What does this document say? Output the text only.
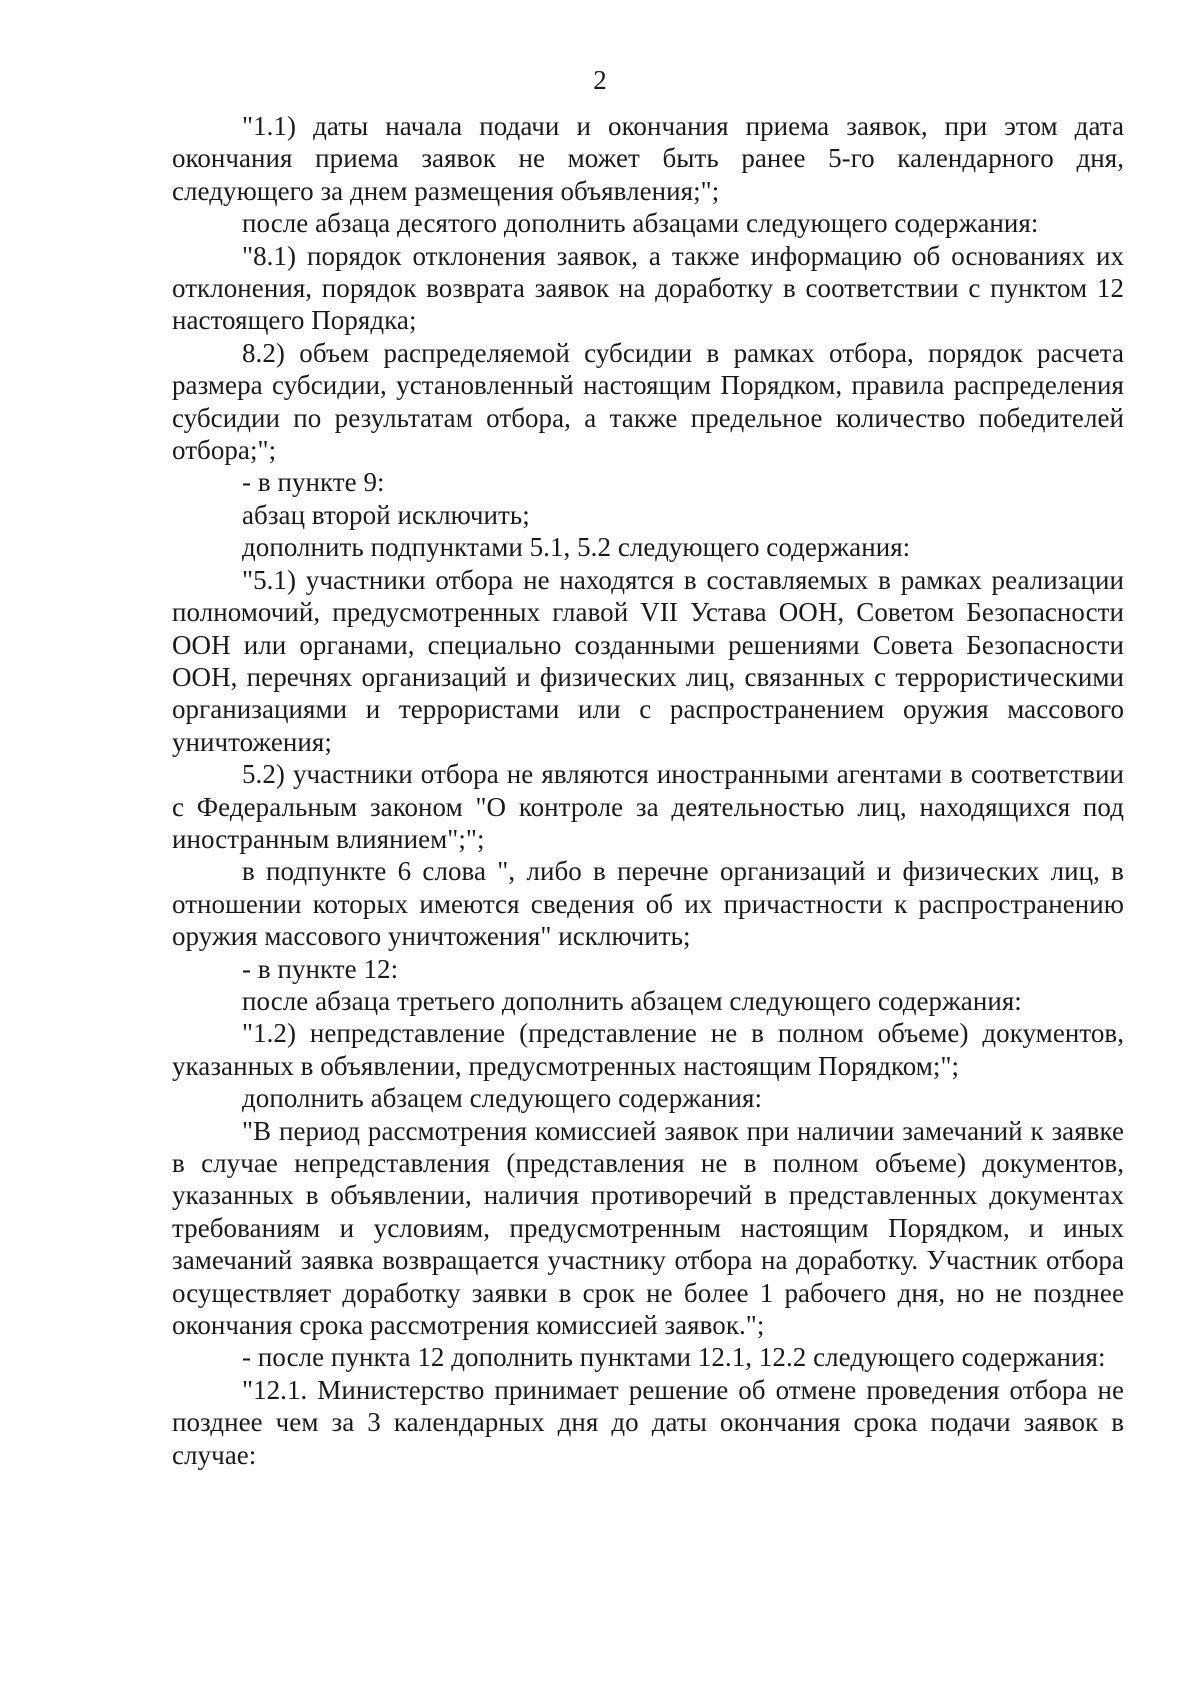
2

"1.1) даты начала подачи и окончания приема заявок, при этом дата окончания приема заявок не может быть ранее 5-го календарного дня, следующего за днем размещения объявления;";

после абзаца десятого дополнить абзацами следующего содержания:

"8.1) порядок отклонения заявок, а также информацию об основаниях их отклонения, порядок возврата заявок на доработку в соответствии с пунктом 12 настоящего Порядка;

8.2) объем распределяемой субсидии в рамках отбора, порядок расчета размера субсидии, установленный настоящим Порядком, правила распределения субсидии по результатам отбора, а также предельное количество победителей отбора;";

- в пункте 9:

абзац второй исключить;

дополнить подпунктами 5.1, 5.2 следующего содержания:

"5.1) участники отбора не находятся в составляемых в рамках реализации полномочий, предусмотренных главой VII Устава ООН, Советом Безопасности ООН или органами, специально созданными решениями Совета Безопасности ООН, перечнях организаций и физических лиц, связанных с террористическими организациями и террористами или с распространением оружия массового уничтожения;

5.2) участники отбора не являются иностранными агентами в соответствии с Федеральным законом "О контроле за деятельностью лиц, находящихся под иностранным влиянием";";

в подпункте 6 слова ", либо в перечне организаций и физических лиц, в отношении которых имеются сведения об их причастности к распространению оружия массового уничтожения" исключить;

- в пункте 12:

после абзаца третьего дополнить абзацем следующего содержания:

"1.2) непредставление (представление не в полном объеме) документов, указанных в объявлении, предусмотренных настоящим Порядком;";

дополнить абзацем следующего содержания:

"В период рассмотрения комиссией заявок при наличии замечаний к заявке в случае непредставления (представления не в полном объеме) документов, указанных в объявлении, наличия противоречий в представленных документах требованиям и условиям, предусмотренным настоящим Порядком, и иных замечаний заявка возвращается участнику отбора на доработку. Участник отбора осуществляет доработку заявки в срок не более 1 рабочего дня, но не позднее окончания срока рассмотрения комиссией заявок.";

- после пункта 12 дополнить пунктами 12.1, 12.2 следующего содержания:

"12.1. Министерство принимает решение об отмене проведения отбора не позднее чем за 3 календарных дня до даты окончания срока подачи заявок в случае:
